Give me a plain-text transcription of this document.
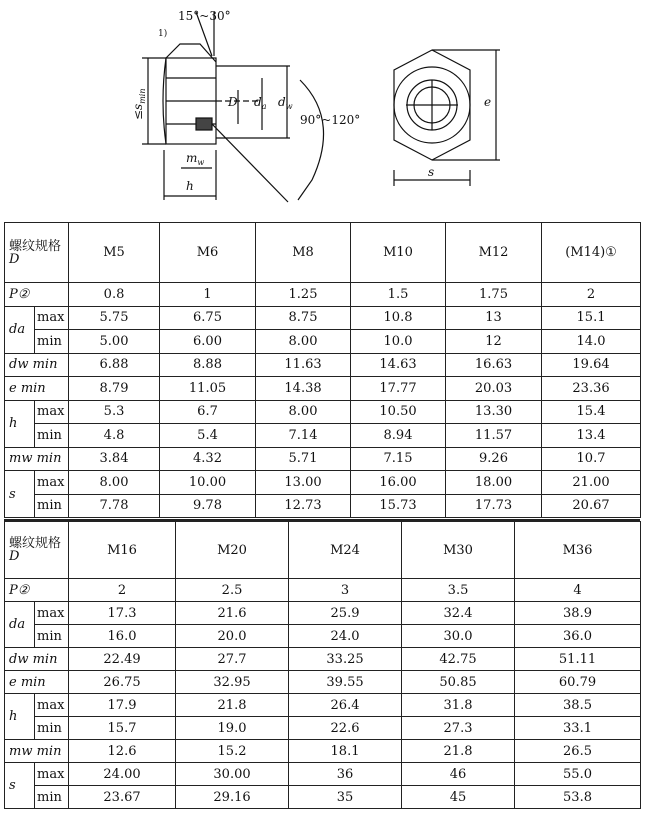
15°~30°
90°~120°
1)
$\le s_{min}$	D $d_a$ $d_w$
$m_w$
h
e
s
螺纹规格
D		M5	M6	M8	M10	M12	(M14)①
P②		0.8	1	1.25	1.5	1.75	2
da	max	5.75	6.75	8.75	10.8	13	15.1
	min	5.00	6.00	8.00	10.0	12	14.0
dw min		6.88	8.88	11.63	14.63	16.63	19.64
e min		8.79	11.05	14.38	17.77	20.03	23.36
h	max	5.3	6.7	8.00	10.50	13.30	15.4
	min	4.8	5.4	7.14	8.94	11.57	13.4
mw min		3.84	4.32	5.71	7.15	9.26	10.7
s	max	8.00	10.00	13.00	16.00	18.00	21.00
	min	7.78	9.78	12.73	15.73	17.73	20.67
螺纹规格
D		M16	M20	M24	M30	M36
P②		2	2.5	3	3.5	4
da	max	17.3	21.6	25.9	32.4	38.9
	min	16.0	20.0	24.0	30.0	36.0
dw min		22.49	27.7	33.25	42.75	51.11
e min		26.75	32.95	39.55	50.85	60.79
h	max	17.9	21.8	26.4	31.8	38.5
	min	15.7	19.0	22.6	27.3	33.1
mw min		12.6	15.2	18.1	21.8	26.5
s	max	24.00	30.00	36	46	55.0
	min	23.67	29.16	35	45	53.8
